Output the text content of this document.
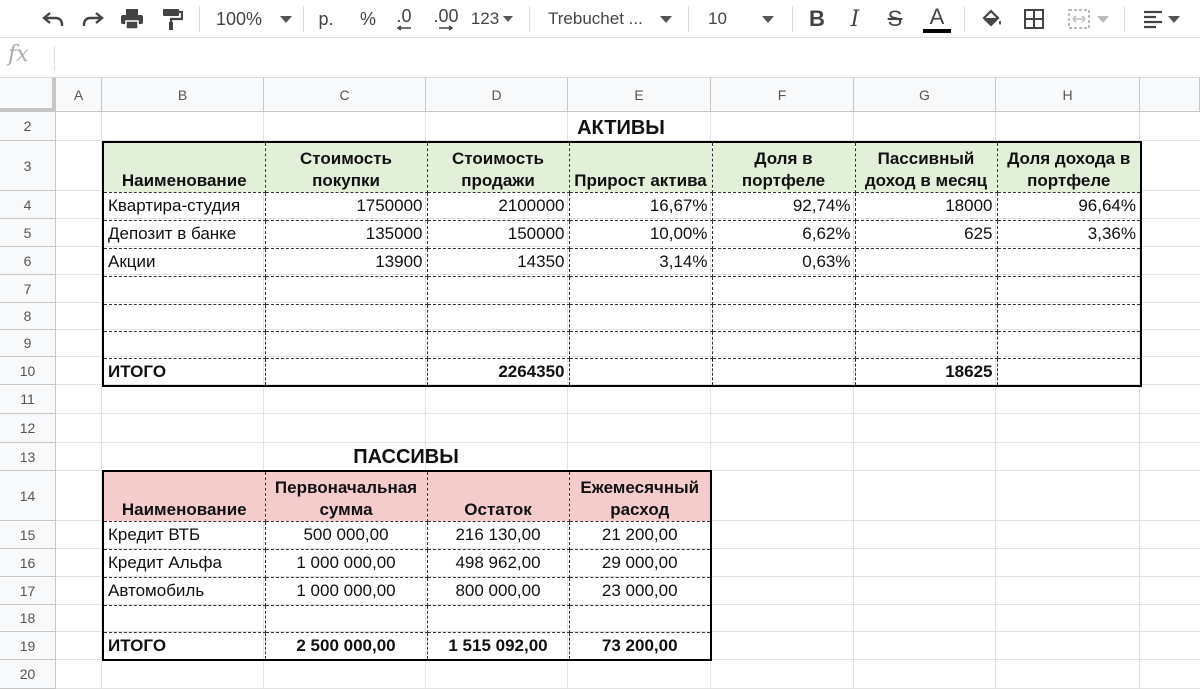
100%	р.	%	.0 .00 123	Trebuchet ...	10	B	I	S	A
fx
A	B	C	D	E	F	G	H
2
3
4
5
6
7
8
9
10
11
12
13
14
15
16
17
18
19
20
АКТИВЫ
Наименование	Стоимость покупки	Стоимость продажи	Прирост актива	Доля в портфеле	Пассивный доход в месяц	Доля дохода в портфеле
Квартира-студия	1750000	2100000	16,67%	92,74%	18000	96,64%
Депозит в банке	135000	150000	10,00%	6,62%	625	3,36%
Акции	13900	14350	3,14%	0,63%		

ИТОГО		2264350			18625	
ПАССИВЫ
Наименование	Первоначальная сумма	Остаток	Ежемесячный расход
Кредит ВТБ	500 000,00	216 130,00	21 200,00
Кредит Альфа	1 000 000,00	498 962,00	29 000,00
Автомобиль	1 000 000,00	800 000,00	23 000,00

ИТОГО	2 500 000,00	1 515 092,00	73 200,00
